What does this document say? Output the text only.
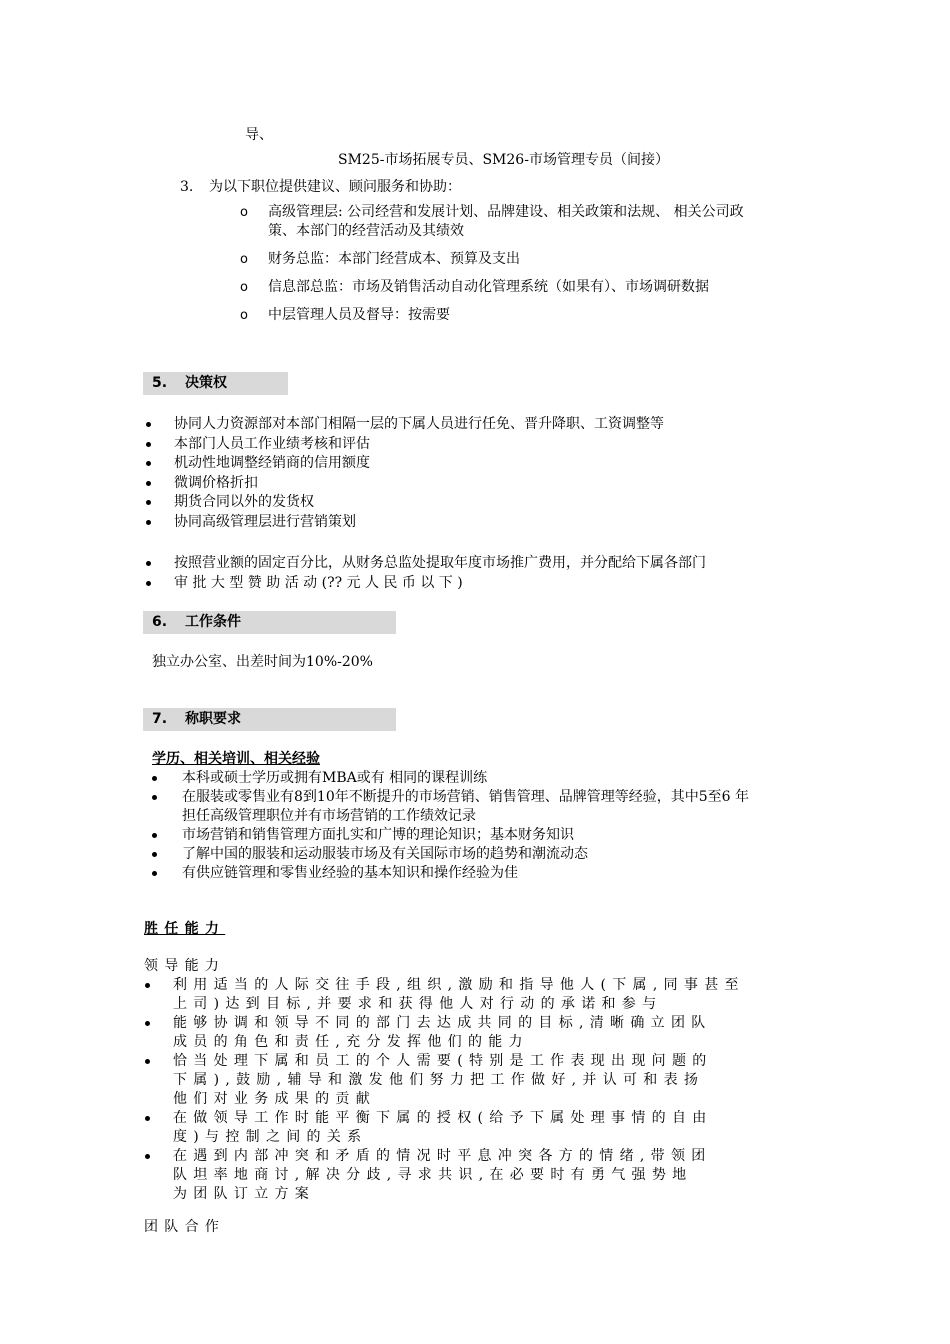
导、
SM25-市场拓展专员、SM26-市场管理专员（间接）
3. 为以下职位提供建议、顾问服务和协助：
o 高级管理层: 公司经营和发展计划、品牌建设、相关政策和法规、 相关公司政
策、本部门的经营活动及其绩效
o 财务总监：本部门经营成本、预算及支出
o 信息部总监：市场及销售活动自动化管理系统（如果有）、市场调研数据
o 中层管理人员及督导：按需要
5. 决策权
协同人力资源部对本部门相隔一层的下属人员进行任免、晋升降职、工资调整等
本部门人员工作业绩考核和评估
机动性地调整经销商的信用额度
微调价格折扣
期货合同以外的发货权
协同高级管理层进行营销策划
按照营业额的固定百分比，从财务总监处提取年度市场推广费用，并分配给下属各部门
审 批 大 型 赞 助 活 动 (?? 元 人 民 币 以 下 )
6. 工作条件
独立办公室、出差时间为10%-20%
7. 称职要求
学历、相关培训、相关经验
本科或硕士学历或拥有MBA或有 相同的课程训练
在服装或零售业有8到10年不断提升的市场营销、销售管理、品牌管理等经验，其中5至6 年
担任高级管理职位并有市场营销的工作绩效记录
市场营销和销售管理方面扎实和广博的理论知识；基本财务知识
了解中国的服装和运动服装市场及有关国际市场的趋势和潮流动态
有供应链管理和零售业经验的基本知识和操作经验为佳
胜任能力
领导能力
利用适当的人际交往手段,组织,激励和指导他人(下属,同事甚至
上司)达到目标,并要求和获得他人对行动的承诺和参与
能够协调和领导不同的部门去达成共同的目标,清晰确立团队
成员的角色和责任,充分发挥他们的能力
恰当处理下属和员工的个人需要(特别是工作表现出现问题的
下属),鼓励,辅导和激发他们努力把工作做好,并认可和表扬
他们对业务成果的贡献
在做领导工作时能平衡下属的授权(给予下属处理事情的自由
度)与控制之间的关系
在遇到内部冲突和矛盾的情况时平息冲突各方的情绪,带领团
队坦率地商讨,解决分歧,寻求共识,在必要时有勇气强势地
为团队订立方案
团队合作
